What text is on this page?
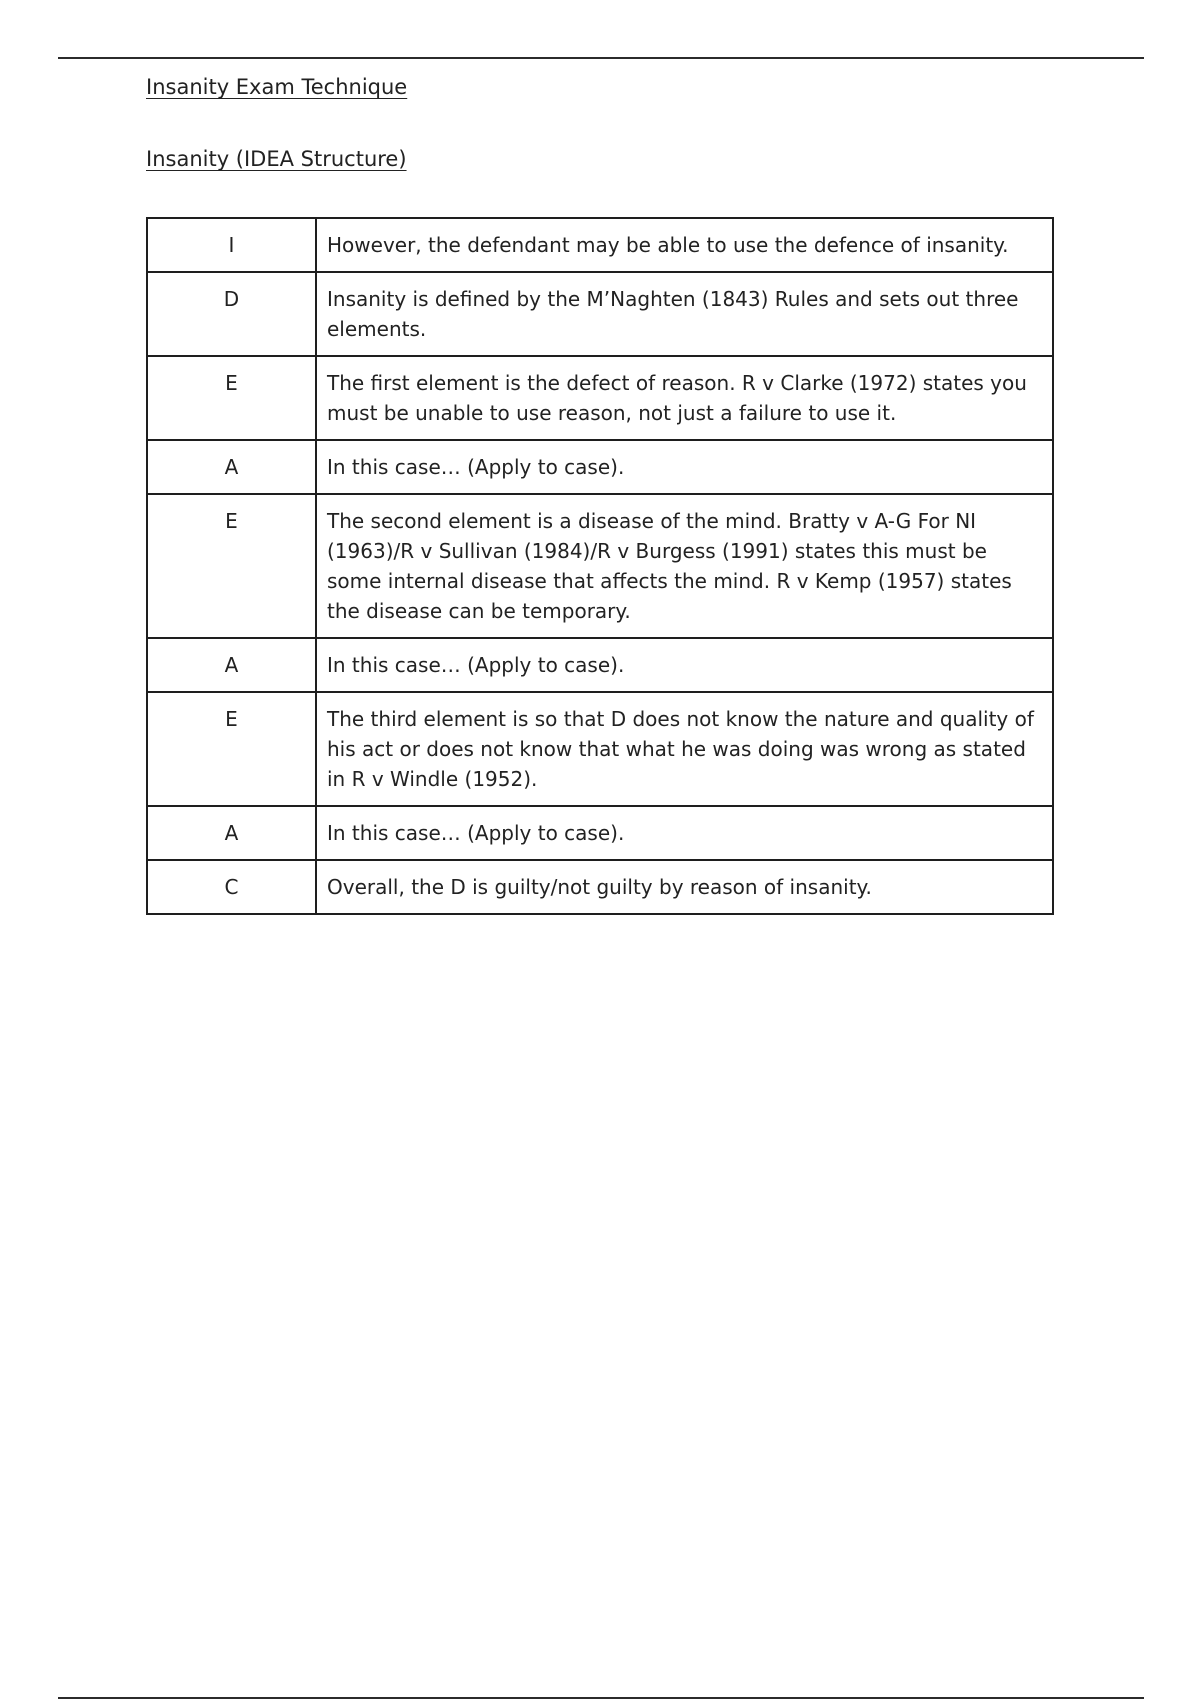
Insanity Exam Technique
Insanity (IDEA Structure)
I	However, the defendant may be able to use the defence of insanity.
D	Insanity is defined by the M’Naghten (1843) Rules and sets out three elements.
E	The first element is the defect of reason. R v Clarke (1972) states you must be unable to use reason, not just a failure to use it.
A	In this case… (Apply to case).
E	The second element is a disease of the mind. Bratty v A-G For NI (1963)/R v Sullivan (1984)/R v Burgess (1991) states this must be some internal disease that affects the mind. R v Kemp (1957) states the disease can be temporary.
A	In this case… (Apply to case).
E	The third element is so that D does not know the nature and quality of his act or does not know that what he was doing was wrong as stated in R v Windle (1952).
A	In this case… (Apply to case).
C	Overall, the D is guilty/not guilty by reason of insanity.
